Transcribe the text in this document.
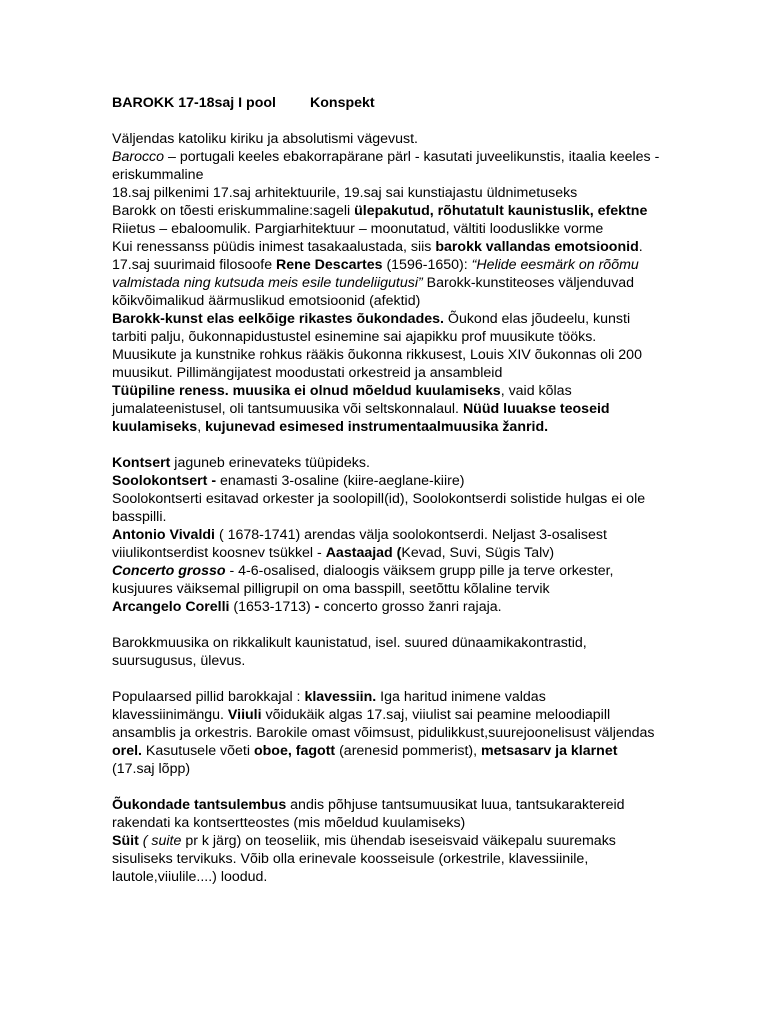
BAROKK 17-18saj I pool Konspekt

Väljendas katoliku kiriku ja absolutismi vägevust.

Barocco – portugali keeles ebakorrapärane pärl - kasutati juveelikunstis, itaalia keeles - eriskummaline

18.saj pilkenimi 17.saj arhitektuurile, 19.saj sai kunstiajastu üldnimetuseks

Barokk on tõesti eriskummaline:sageli ülepakutud, rõhutatult kaunistuslik, efektne

Riietus – ebaloomulik. Pargiarhitektuur – moonutatud, vältiti looduslikke vorme

Kui renessanss püüdis inimest tasakaalustada, siis barokk vallandas emotsioonid. 17.saj suurimaid filosoofe Rene Descartes (1596-1650): “Helide eesmärk on rõõmu valmistada ning kutsuda meis esile tundeliigutusi” Barokk-kunstiteoses väljenduvad kõikvõimalikud äärmuslikud emotsioonid (afektid)

Barokk-kunst elas eelkõige rikastes õukondades. Õukond elas jõudeelu, kunsti tarbiti palju, õukonnapidustustel esinemine sai ajapikku prof muusikute tööks. Muusikute ja kunstnike rohkus rääkis õukonna rikkusest, Louis XIV õukonnas oli 200 muusikut. Pillimängijatest moodustati orkestreid ja ansambleid

Tüüpiline reness. muusika ei olnud mõeldud kuulamiseks, vaid kõlas jumalateenistusel, oli tantsumuusika või seltskonnalaul. Nüüd luuakse teoseid kuulamiseks, kujunevad esimesed instrumentaalmuusika žanrid.

Kontsert jaguneb erinevateks tüüpideks.

Soolokontsert - enamasti 3-osaline (kiire-aeglane-kiire)

Soolokontserti esitavad orkester ja soolopill(id), Soolokontserdi solistide hulgas ei ole basspilli.

Antonio Vivaldi ( 1678-1741) arendas välja soolokontserdi. Neljast 3-osalisest viiulikontserdist koosnev tsükkel - Aastaajad (Kevad, Suvi, Sügis Talv)

Concerto grosso - 4-6-osalised, dialoogis väiksem grupp pille ja terve orkester, kusjuures väiksemal pilligrupil on oma basspill, seetõttu kõlaline tervik

Arcangelo Corelli (1653-1713) - concerto grosso žanri rajaja.

Barokkmuusika on rikkalikult kaunistatud, isel. suured dünaamikakontrastid, suursugusus, ülevus.

Populaarsed pillid barokkajal : klavessiin. Iga haritud inimene valdas klavessiinimängu. Viiuli võidukäik algas 17.saj, viiulist sai peamine meloodiapill ansamblis ja orkestris. Barokile omast võimsust, pidulikkust,suurejoonelisust väljendas orel. Kasutusele võeti oboe, fagott (arenesid pommerist), metsasarv ja klarnet (17.saj lõpp)

Õukondade tantsulembus andis põhjuse tantsumuusikat luua, tantsukaraktereid rakendati ka kontsertteostes (mis mõeldud kuulamiseks)

Süit ( suite pr k järg) on teoseliik, mis ühendab iseseisvaid väikepalu suuremaks sisuliseks tervikuks. Võib olla erinevale koosseisule (orkestrile, klavessiinile, lautole,viiulile....) loodud.
